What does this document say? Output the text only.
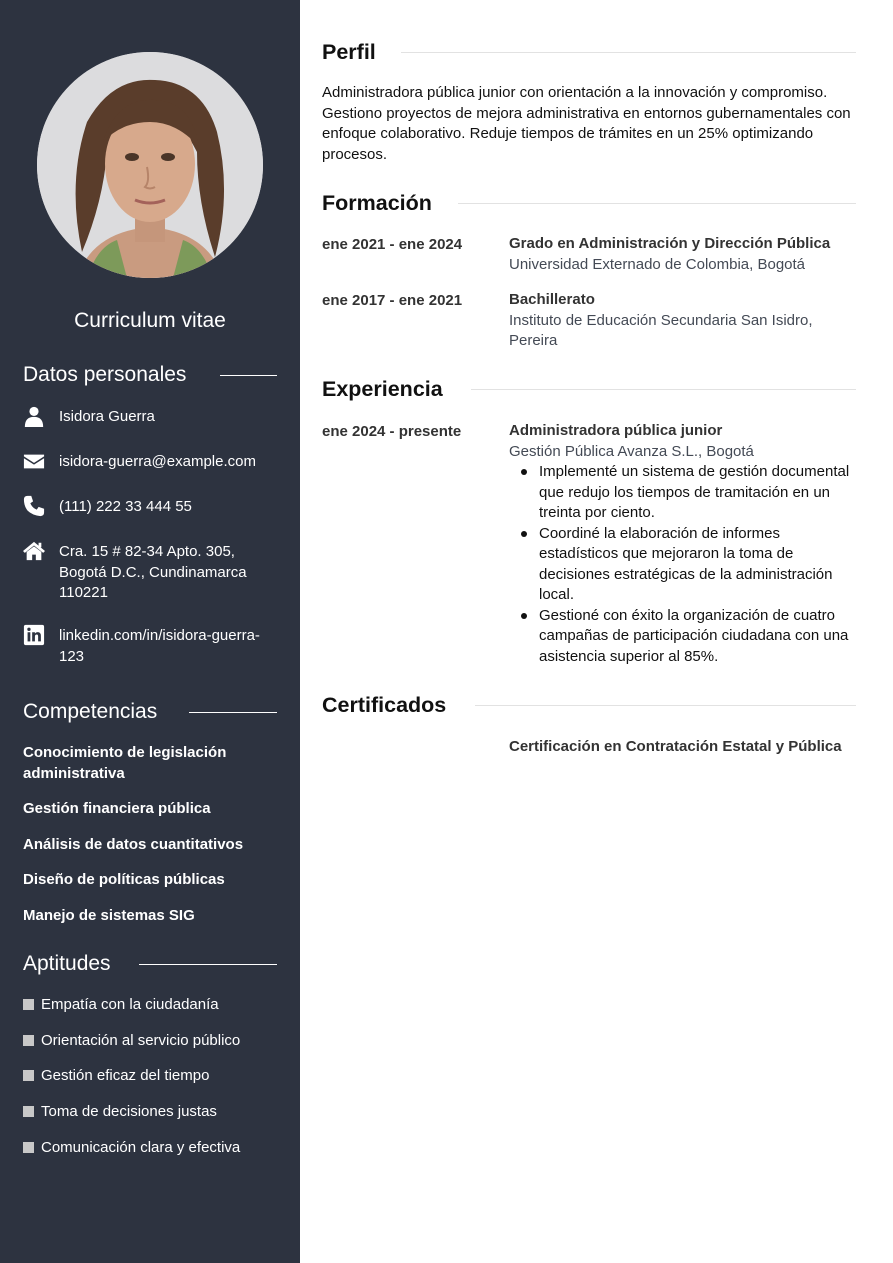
Curriculum vitae
Datos personales
Isidora Guerra
isidora-guerra@example.com
(111) 222 33 444 55
Cra. 15 # 82-34 Apto. 305, Bogotá D.C., Cundinamarca 110221
linkedin.com/in/isidora-guerra-123
Competencias
Conocimiento de legislación administrativa
Gestión financiera pública
Análisis de datos cuantitativos
Diseño de políticas públicas
Manejo de sistemas SIG
Aptitudes
Empatía con la ciudadanía
Orientación al servicio público
Gestión eficaz del tiempo
Toma de decisiones justas
Comunicación clara y efectiva
Perfil
Administradora pública junior con orientación a la innovación y compromiso. Gestiono proyectos de mejora administrativa en entornos gubernamentales con enfoque colaborativo. Reduje tiempos de trámites en un 25% optimizando procesos.
Formación
ene 2021 - ene 2024	Grado en Administración y Dirección Pública
Universidad Externado de Colombia, Bogotá
ene 2017 - ene 2021	Bachillerato
Instituto de Educación Secundaria San Isidro, Pereira
Experiencia
ene 2024 - presente	Administradora pública junior
Gestión Pública Avanza S.L., Bogotá
Implementé un sistema de gestión documental que redujo los tiempos de tramitación en un treinta por ciento.
Coordiné la elaboración de informes estadísticos que mejoraron la toma de decisiones estratégicas de la administración local.
Gestioné con éxito la organización de cuatro campañas de participación ciudadana con una asistencia superior al 85%.
Certificados
Certificación en Contratación Estatal y Pública
